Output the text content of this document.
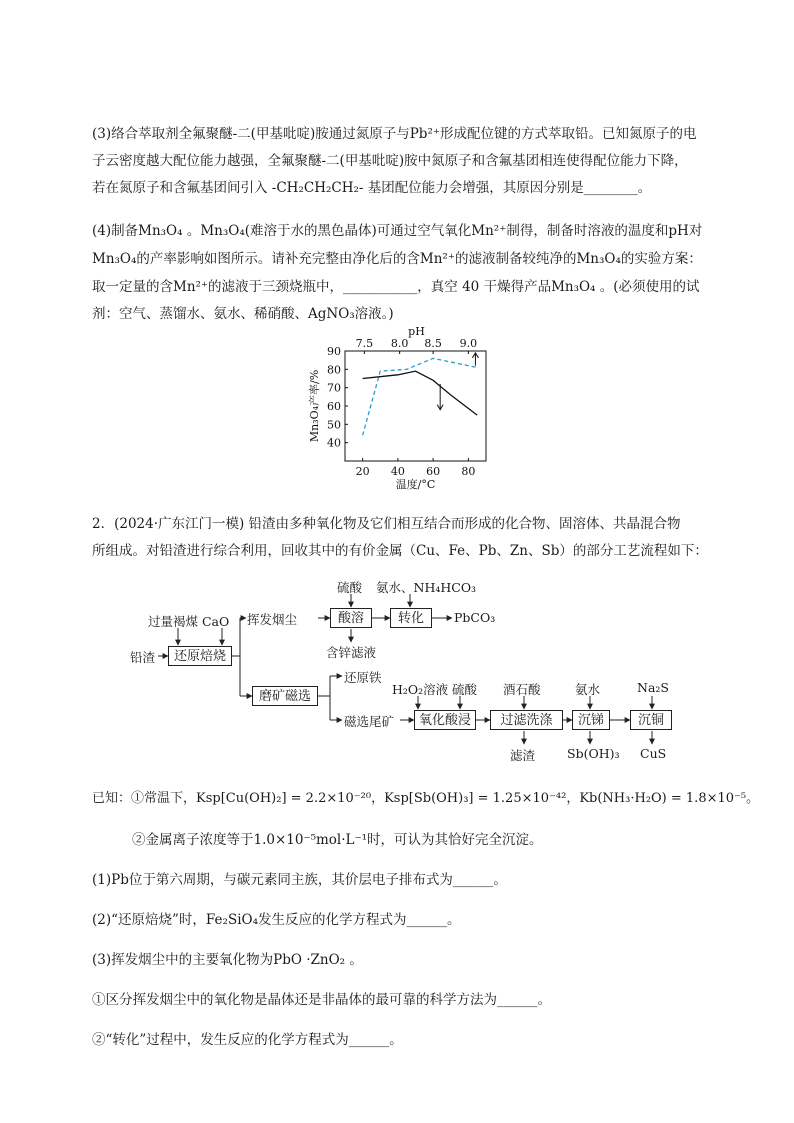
(3)络合萃取剂全氟聚醚-二(甲基吡啶)胺通过氮原子与Pb²⁺形成配位键的方式萃取铅。已知氮原子的电

子云密度越大配位能力越强，全氟聚醚-二(甲基吡啶)胺中氮原子和含氟基团相连使得配位能力下降，

若在氮原子和含氟基团间引入 -CH₂CH₂CH₂- 基团配位能力会增强，其原因分别是________。

(4)制备Mn₃O₄ 。Mn₃O₄(难溶于水的黑色晶体)可通过空气氧化Mn²⁺制得，制备时溶液的温度和pH对

Mn₃O₄的产率影响如图所示。请补充完整由净化后的含Mn²⁺的滤液制备较纯净的Mn₃O₄的实验方案：

取一定量的含Mn²⁺的滤液于三颈烧瓶中，___________，真空 40 干燥得产品Mn₃O₄ 。(必须使用的试

剂：空气、蒸馏水、氨水、稀硝酸、AgNO₃溶液。)

20 40 60 80
40
50
60
70
80
90
7.5 8.0 8.5 9.0
pH
温度/°C
Mn₃O₄产率/%

2．(2024·广东江门一模) 铅渣由多种氧化物及它们相互结合而形成的化合物、固溶体、共晶混合物

所组成。对铅渣进行综合利用，回收其中的有价金属（Cu、Fe、Pb、Zn、Sb）的部分工艺流程如下：

过量褐煤 CaO
铅渣	还原焙烧
挥发烟尘
硫酸 氨水、NH₄HCO₃
酸溶	转化	PbCO₃
含锌滤液
磨矿磁选
还原铁
磁选尾矿
H₂O₂溶液 硫酸
氧化酸浸
酒石酸
过滤洗涤
滤渣
氨水
沉锑
Sb(OH)₃
Na₂S
沉铜
CuS

已知：①常温下，Ksp[Cu(OH)₂] = 2.2×10⁻²⁰，Ksp[Sb(OH)₃] = 1.25×10⁻⁴²，Kb(NH₃·H₂O) = 1.8×10⁻⁵。

②金属离子浓度等于1.0×10⁻⁵mol·L⁻¹时，可认为其恰好完全沉淀。

(1)Pb位于第六周期，与碳元素同主族，其价层电子排布式为______。

(2)“还原焙烧”时，Fe₂SiO₄发生反应的化学方程式为______。

(3)挥发烟尘中的主要氧化物为PbO ·ZnO₂ 。

①区分挥发烟尘中的氧化物是晶体还是非晶体的最可靠的科学方法为______。

②“转化”过程中，发生反应的化学方程式为______。
